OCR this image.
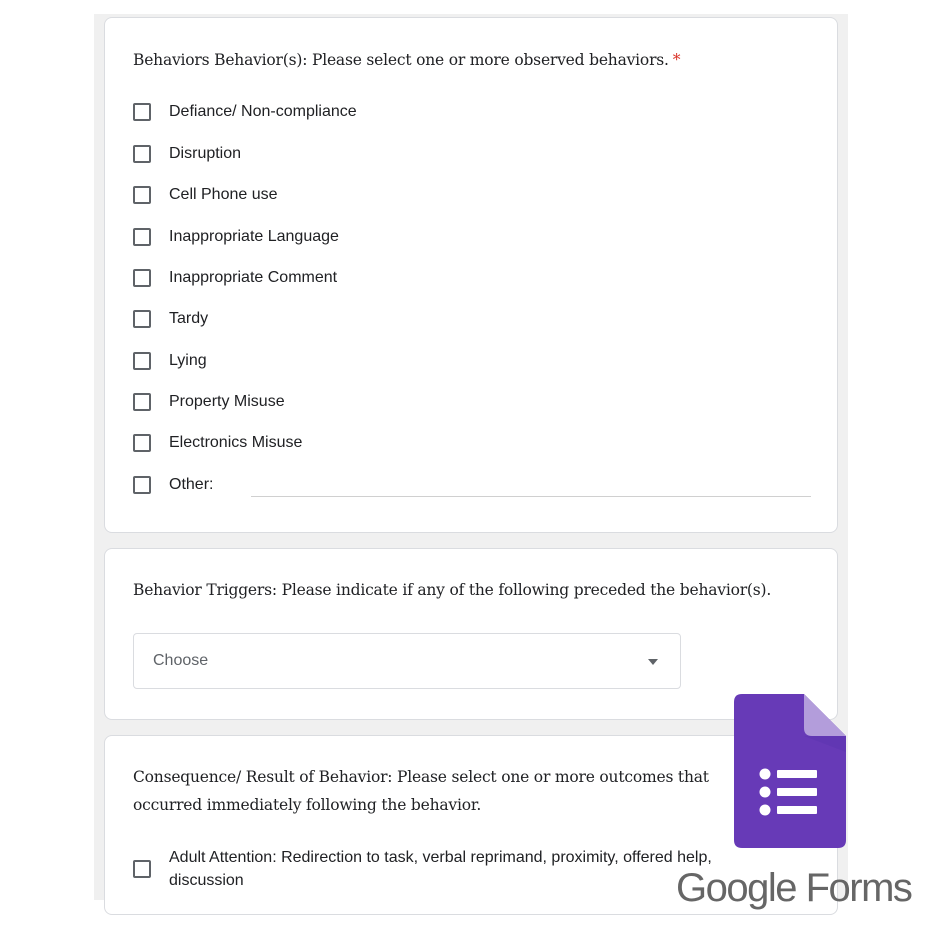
Behaviors Behavior(s): Please select one or more observed behaviors. *
Defiance/ Non-compliance
Disruption
Cell Phone use
Inappropriate Language
Inappropriate Comment
Tardy
Lying
Property Misuse
Electronics Misuse
Other:
Behavior Triggers: Please indicate if any of the following preceded the behavior(s).
Choose
Consequence/ Result of Behavior: Please select one or more outcomes that occurred immediately following the behavior.
Adult Attention: Redirection to task, verbal reprimand, proximity, offered help, discussion	Google Forms
